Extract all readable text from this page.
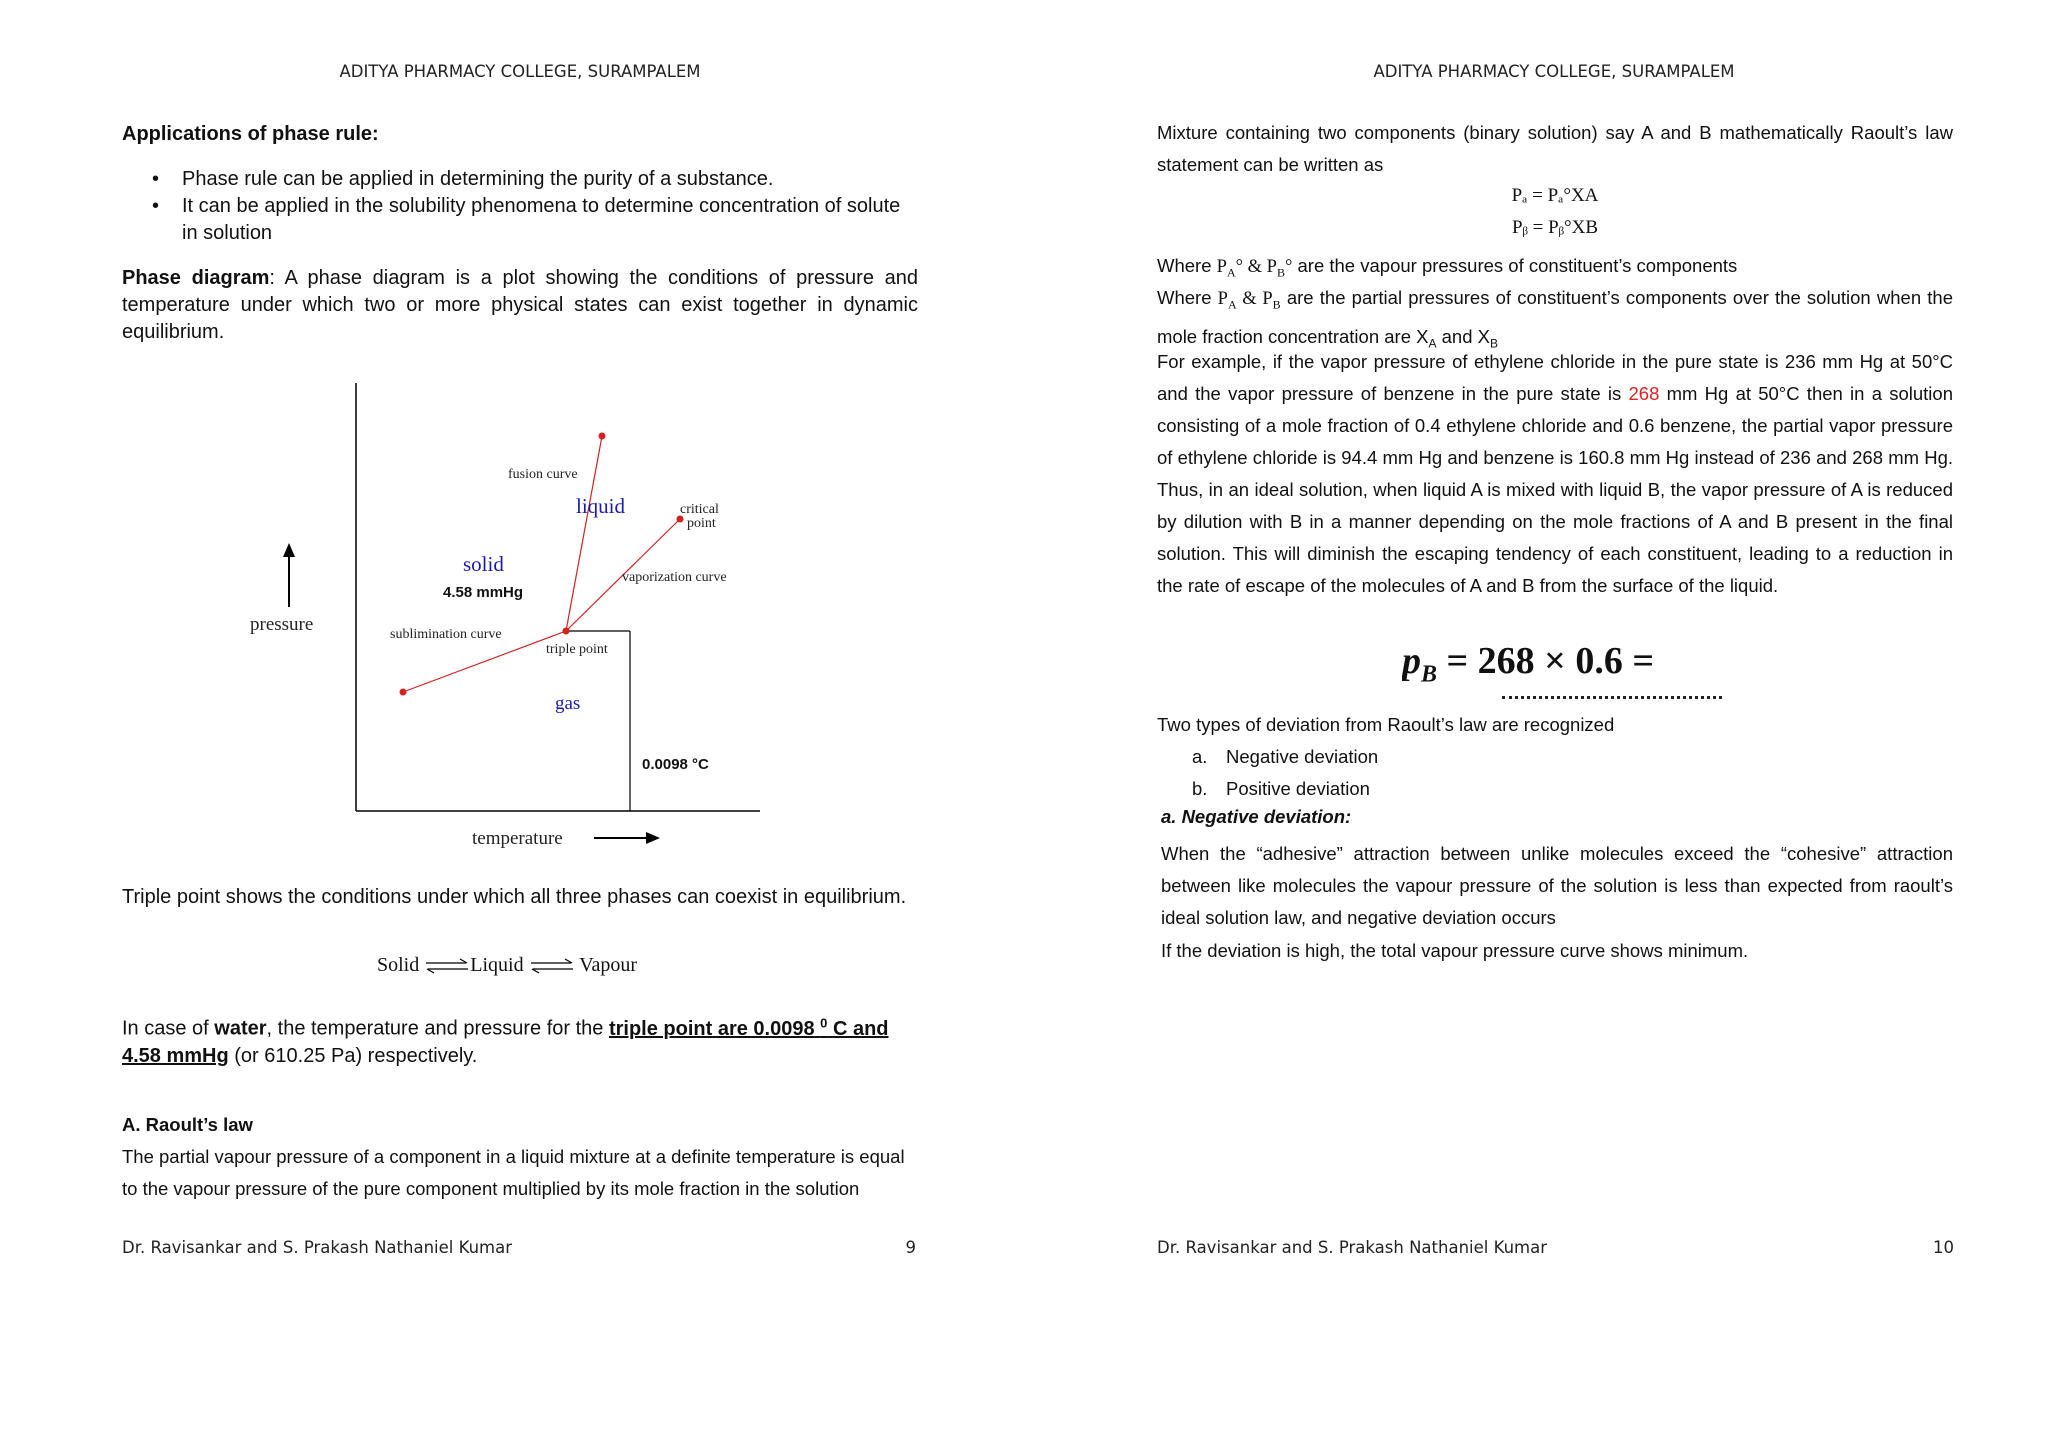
ADITYA PHARMACY COLLEGE, SURAMPALEM
Applications of phase rule:
• Phase rule can be applied in determining the purity of a substance.
• It can be applied in the solubility phenomena to determine concentration of solute in solution
Phase diagram: A phase diagram is a plot showing the conditions of pressure and temperature under which two or more physical states can exist together in dynamic equilibrium.
pressure
temperature
fusion curve
critical
point
vaporization curve
sublimination curve
triple point
liquid
solid
gas
4.58 mmHg
0.0098 °C
Triple point shows the conditions under which all three phases can coexist in equilibrium.
Solid ⇌Liquid ⇌ Vapour
In case of water, the temperature and pressure for the triple point are 0.0098 $^0$ C and
4.58 mmHg (or 610.25 Pa) respectively.
A. Raoult’s law
The partial vapour pressure of a component in a liquid mixture at a definite temperature is equal to the vapour pressure of the pure component multiplied by its mole fraction in the solution
Dr. Ravisankar and S. Prakash Nathaniel Kumar	9
ADITYA PHARMACY COLLEGE, SURAMPALEM
Mixture containing two components (binary solution) say A and B mathematically Raoult’s law statement can be written as
Pₐ = Pₐ°XA
Pᵦ = Pᵦ°XB
Where $P_A^\circ$ & $P_B^\circ$ are the vapour pressures of constituent’s components
Where $P_A$ & $P_B$ are the partial pressures of constituent’s components over the solution when the mole fraction concentration are $X_A$ and $X_B$
For example, if the vapor pressure of ethylene chloride in the pure state is 236 mm Hg at 50°C and the vapor pressure of benzene in the pure state is 268 mm Hg at 50°C then in a solution consisting of a mole fraction of 0.4 ethylene chloride and 0.6 benzene, the partial vapor pressure of ethylene chloride is 94.4 mm Hg and benzene is 160.8 mm Hg instead of 236 and 268 mm Hg. Thus, in an ideal solution, when liquid A is mixed with liquid B, the vapor pressure of A is reduced by dilution with B in a manner depending on the mole fractions of A and B present in the final solution. This will diminish the escaping tendency of each constituent, leading to a reduction in the rate of escape of the molecules of A and B from the surface of the liquid.
$p_B = 268 \times 0.6$ =
Two types of deviation from Raoult’s law are recognized
a. Negative deviation
b. Positive deviation
a. Negative deviation:
When the “adhesive” attraction between unlike molecules exceed the “cohesive” attraction between like molecules the vapour pressure of the solution is less than expected from raoult’s ideal solution law, and negative deviation occurs
If the deviation is high, the total vapour pressure curve shows minimum.
Dr. Ravisankar and S. Prakash Nathaniel Kumar	10
